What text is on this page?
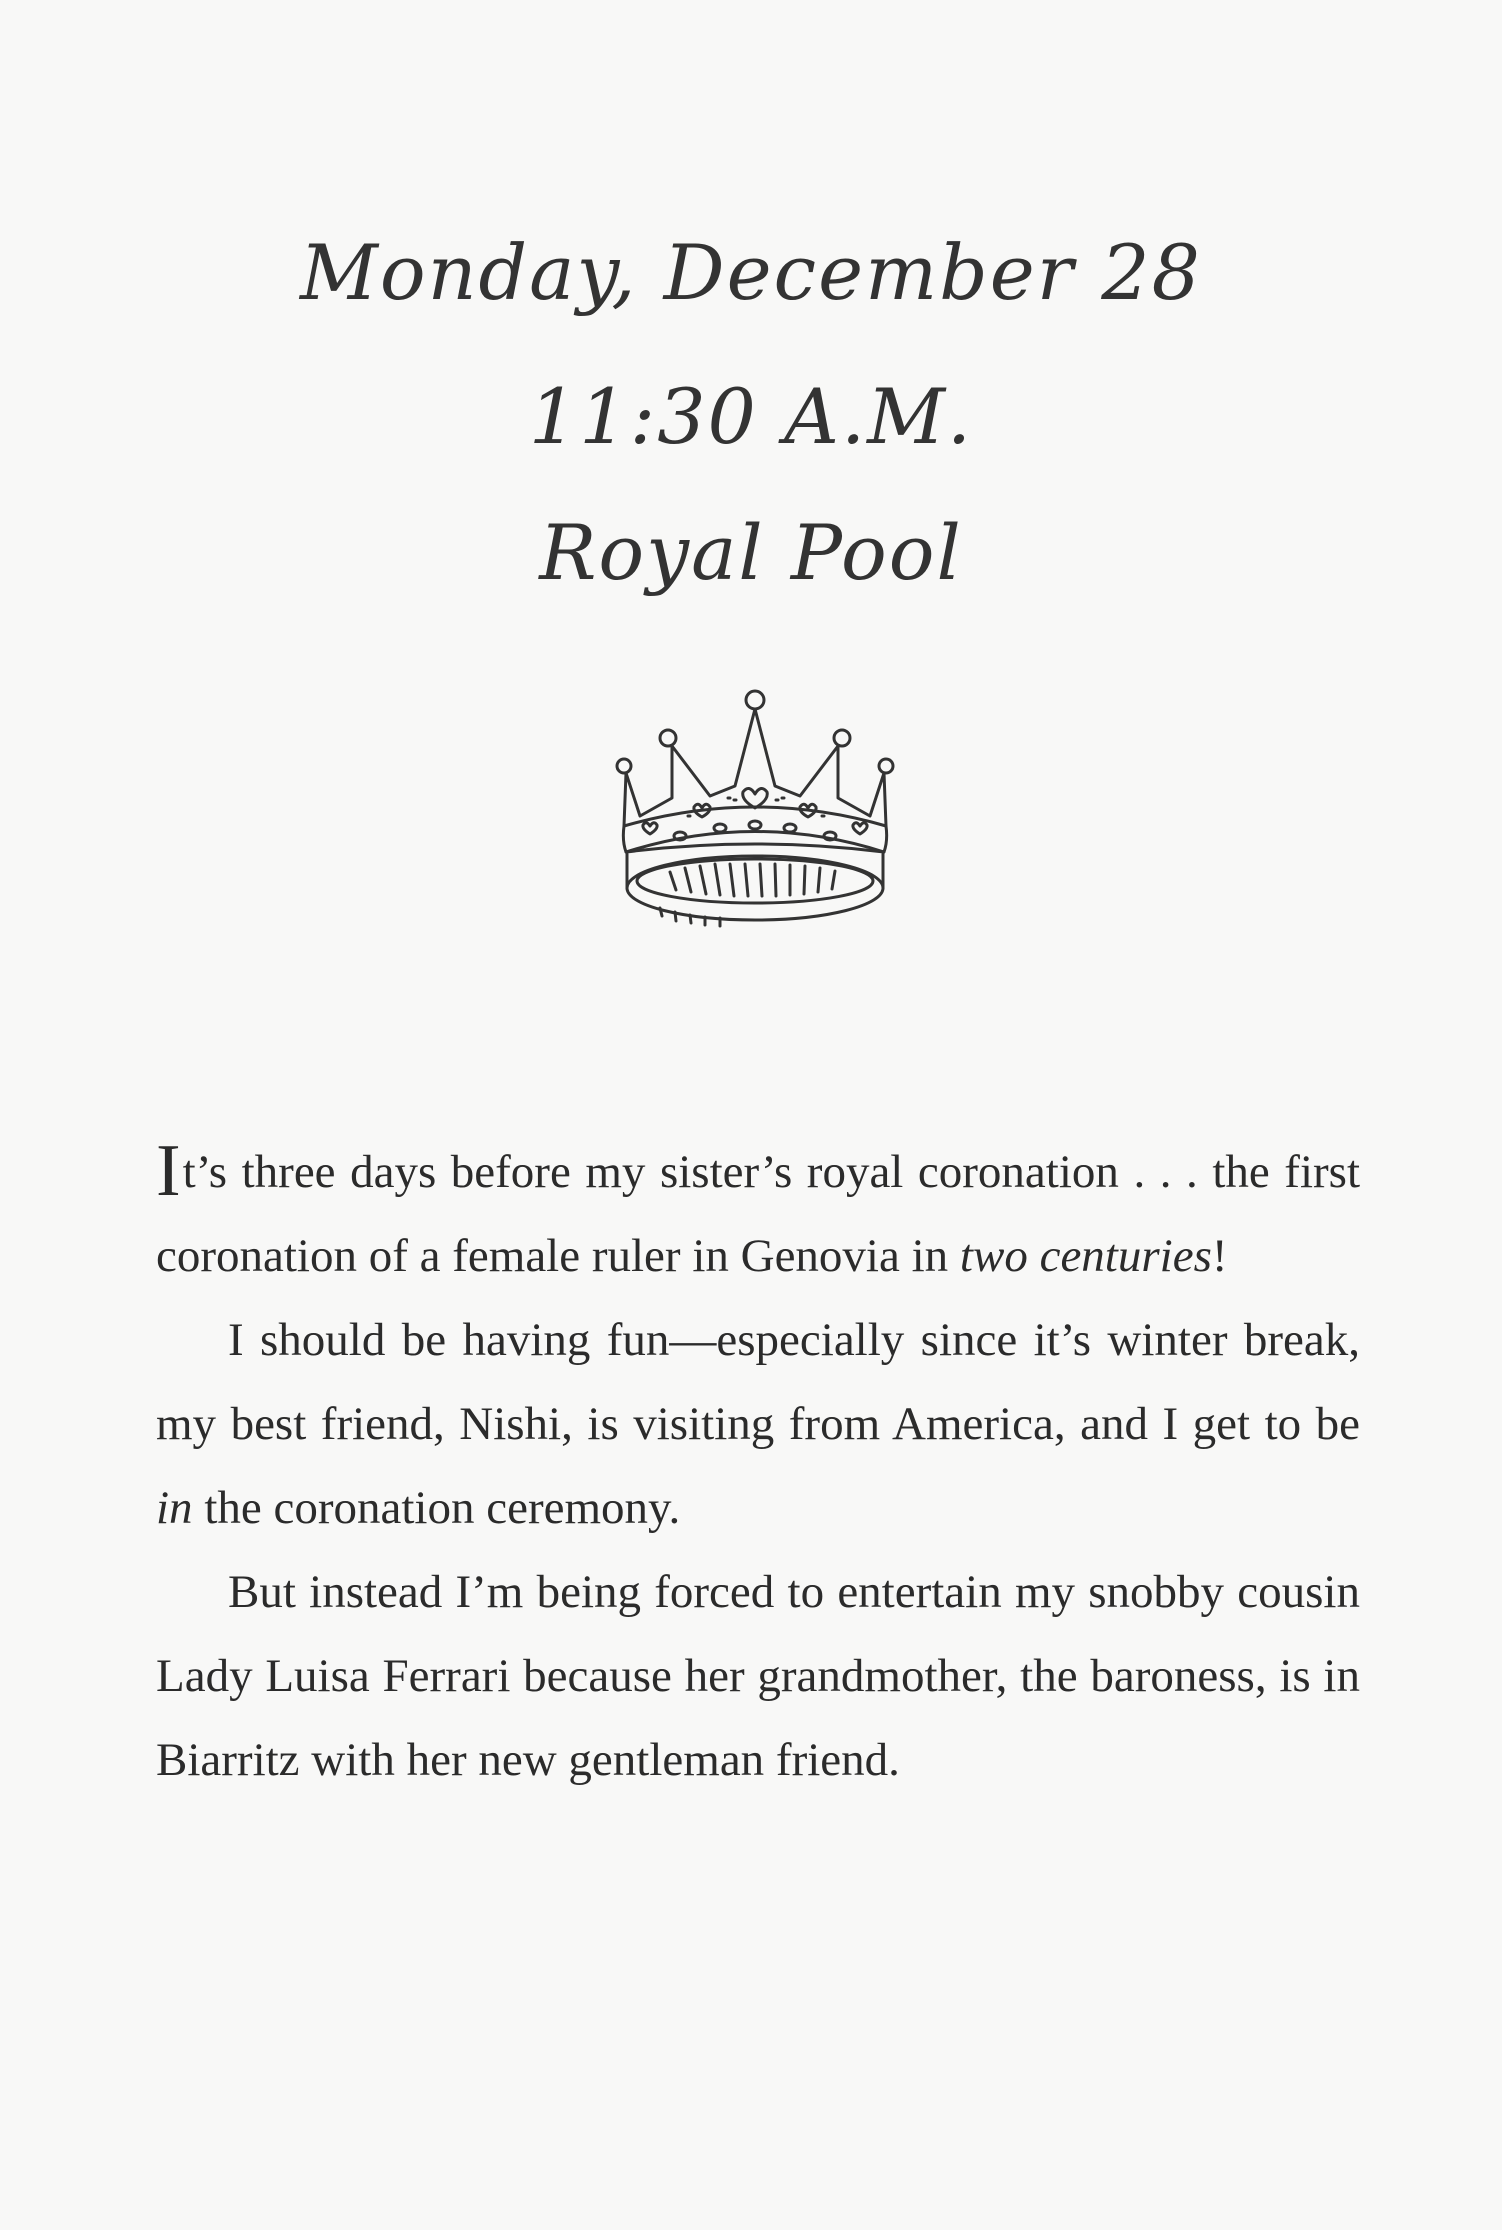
Monday, December 28
11:30 A.M.
Royal Pool

It’s three days before my sister’s royal coronation . . . the first coronation of a female ruler in Genovia in two centuries!

I should be having fun—especially since it’s winter break, my best friend, Nishi, is visiting from America, and I get to be in the coronation ceremony.

But instead I’m being forced to entertain my snobby cousin Lady Luisa Ferrari because her grandmother, the baroness, is in Biarritz with her new gentleman friend.
